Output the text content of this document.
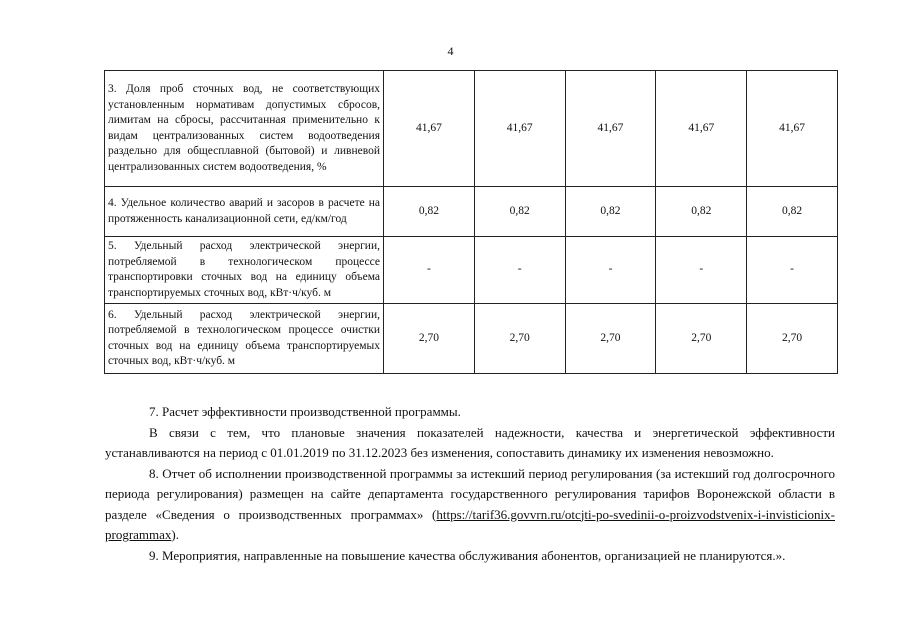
4
3. Доля проб сточных вод, не соответствующих установленным нормативам допустимых сбросов, лимитам на сбросы, рассчитанная применительно к видам централизованных систем водоотведения раздельно для общесплавной (бытовой) и ливневой централизованных систем водоотведения, %	41,67	41,67	41,67	41,67	41,67
4. Удельное количество аварий и засоров в расчете на протяженность канализационной сети, ед/км/год	0,82	0,82	0,82	0,82	0,82
5. Удельный расход электрической энергии, потребляемой в технологическом процессе транспортировки сточных вод на единицу объема транспортируемых сточных вод, кВт·ч/куб. м	-	-	-	-	-
6. Удельный расход электрической энергии, потребляемой в технологическом процессе очистки сточных вод на единицу объема транспортируемых сточных вод, кВт·ч/куб. м	2,70	2,70	2,70	2,70	2,70

7. Расчет эффективности производственной программы.

В связи с тем, что плановые значения показателей надежности, качества и энергетической эффективности устанавливаются на период с 01.01.2019 по 31.12.2023 без изменения, сопоставить динамику их изменения невозможно.

8. Отчет об исполнении производственной программы за истекший период регулирования (за истекший год долгосрочного периода регулирования) размещен на сайте департамента государственного регулирования тарифов Воронежской области в разделе «Сведения о производственных программах» (https://tarif36.govvrn.ru/otcjti-po-svedinii-o-proizvodstvenix-i-invisticionix-programmax).

9. Мероприятия, направленные на повышение качества обслуживания абонентов, организацией не планируются.».
